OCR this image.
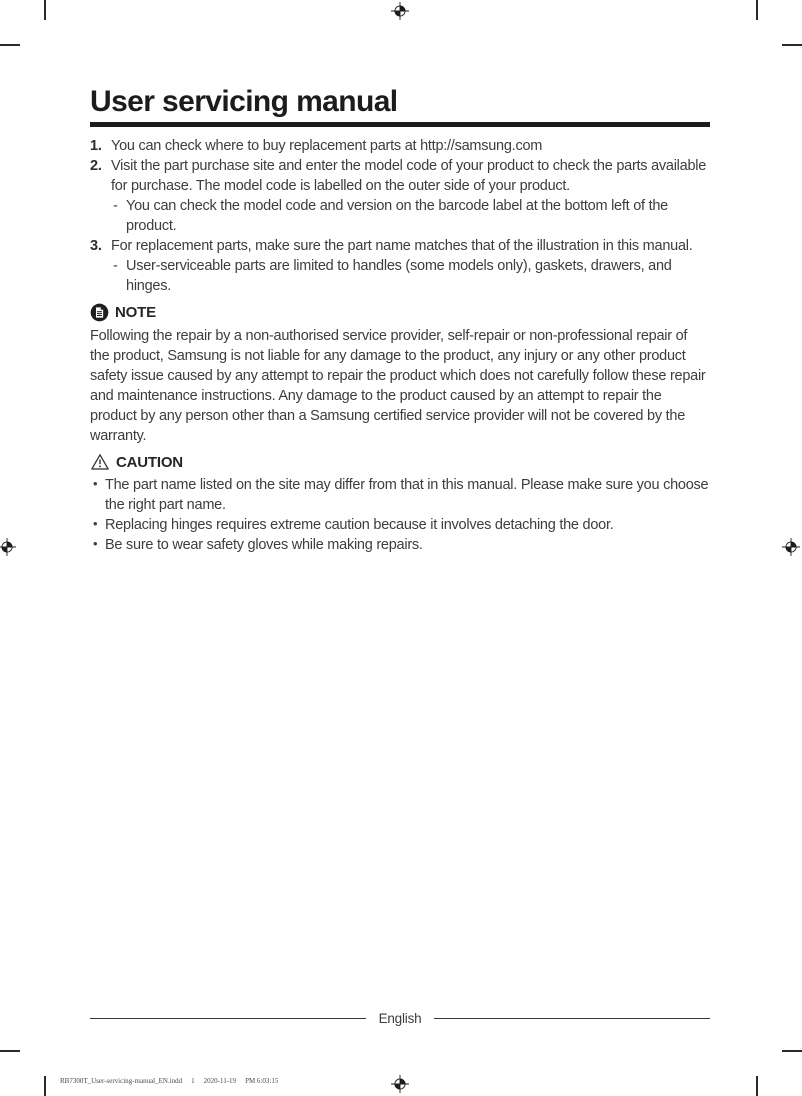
User servicing manual
1. You can check where to buy replacement parts at http://samsung.com
2. Visit the part purchase site and enter the model code of your product to check the parts available for purchase. The model code is labelled on the outer side of your product.
- You can check the model code and version on the barcode label at the bottom left of the product.
3. For replacement parts, make sure the part name matches that of the illustration in this manual.
- User-serviceable parts are limited to handles (some models only), gaskets, drawers, and hinges.
NOTE

Following the repair by a non-authorised service provider, self-repair or non-professional repair of the product, Samsung is not liable for any damage to the product, any injury or any other product safety issue caused by any attempt to repair the product which does not carefully follow these repair and maintenance instructions. Any damage to the product caused by an attempt to repair the product by any person other than a Samsung certified service provider will not be covered by the warranty.

CAUTION
• The part name listed on the site may differ from that in this manual. Please make sure you choose the right part name.
• Replacing hinges requires extreme caution because it involves detaching the door.
• Be sure to wear safety gloves while making repairs.
English
RB7300T_User-servicing-manual_EN.indd 1 2020-11-19 PM 6:03:15
